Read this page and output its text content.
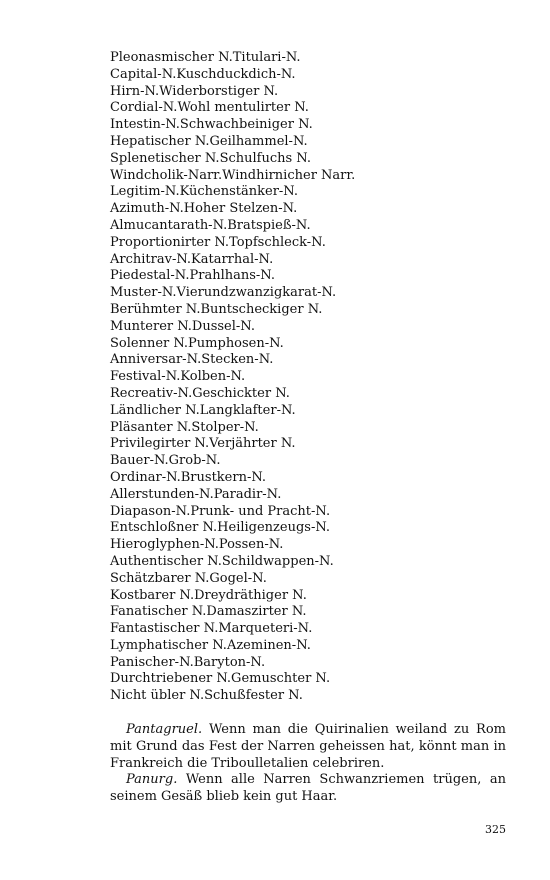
Pleonasmischer N.Titulari-N.
Capital-N.Kuschduckdich-N.
Hirn-N.Widerborstiger N.
Cordial-N.Wohl mentulirter N.
Intestin-N.Schwachbeiniger N.
Hepatischer N.Geilhammel-N.
Splenetischer N.Schulfuchs N.
Windcholik-Narr.Windhirnicher Narr.
Legitim-N.Küchenstänker-N.
Azimuth-N.Hoher Stelzen-N.
Almucantarath-N.Bratspieß-N.
Proportionirter N.Topfschleck-N.
Architrav-N.Katarrhal-N.
Piedestal-N.Prahlhans-N.
Muster-N.Vierundzwanzigkarat-N.
Berühmter N.Buntscheckiger N.
Munterer N.Dussel-N.
Solenner N.Pumphosen-N.
Anniversar-N.Stecken-N.
Festival-N.Kolben-N.
Recreativ-N.Geschickter N.
Ländlicher N.Langklafter-N.
Pläsanter N.Stolper-N.
Privilegirter N.Verjährter N.
Bauer-N.Grob-N.
Ordinar-N.Brustkern-N.
Allerstunden-N.Paradir-N.
Diapason-N.Prunk- und Pracht-N.
Entschloßner N.Heiligenzeugs-N.
Hieroglyphen-N.Possen-N.
Authentischer N.Schildwappen-N.
Schätzbarer N.Gogel-N.
Kostbarer N.Dreydräthiger N.
Fanatischer N.Damaszirter N.
Fantastischer N.Marqueteri-N.
Lymphatischer N.Azeminen-N.
Panischer-N.Baryton-N.
Durchtriebener N.Gemuschter N.
Nicht übler N.Schußfester N.

Pantagruel. Wenn man die Quirinalien weiland zu Rom mit Grund das Fest der Narren geheissen hat, könnt man in Frankreich die Triboulletalien celebriren.

Panurg. Wenn alle Narren Schwanzriemen trügen, an seinem Gesäß blieb kein gut Haar.

325
